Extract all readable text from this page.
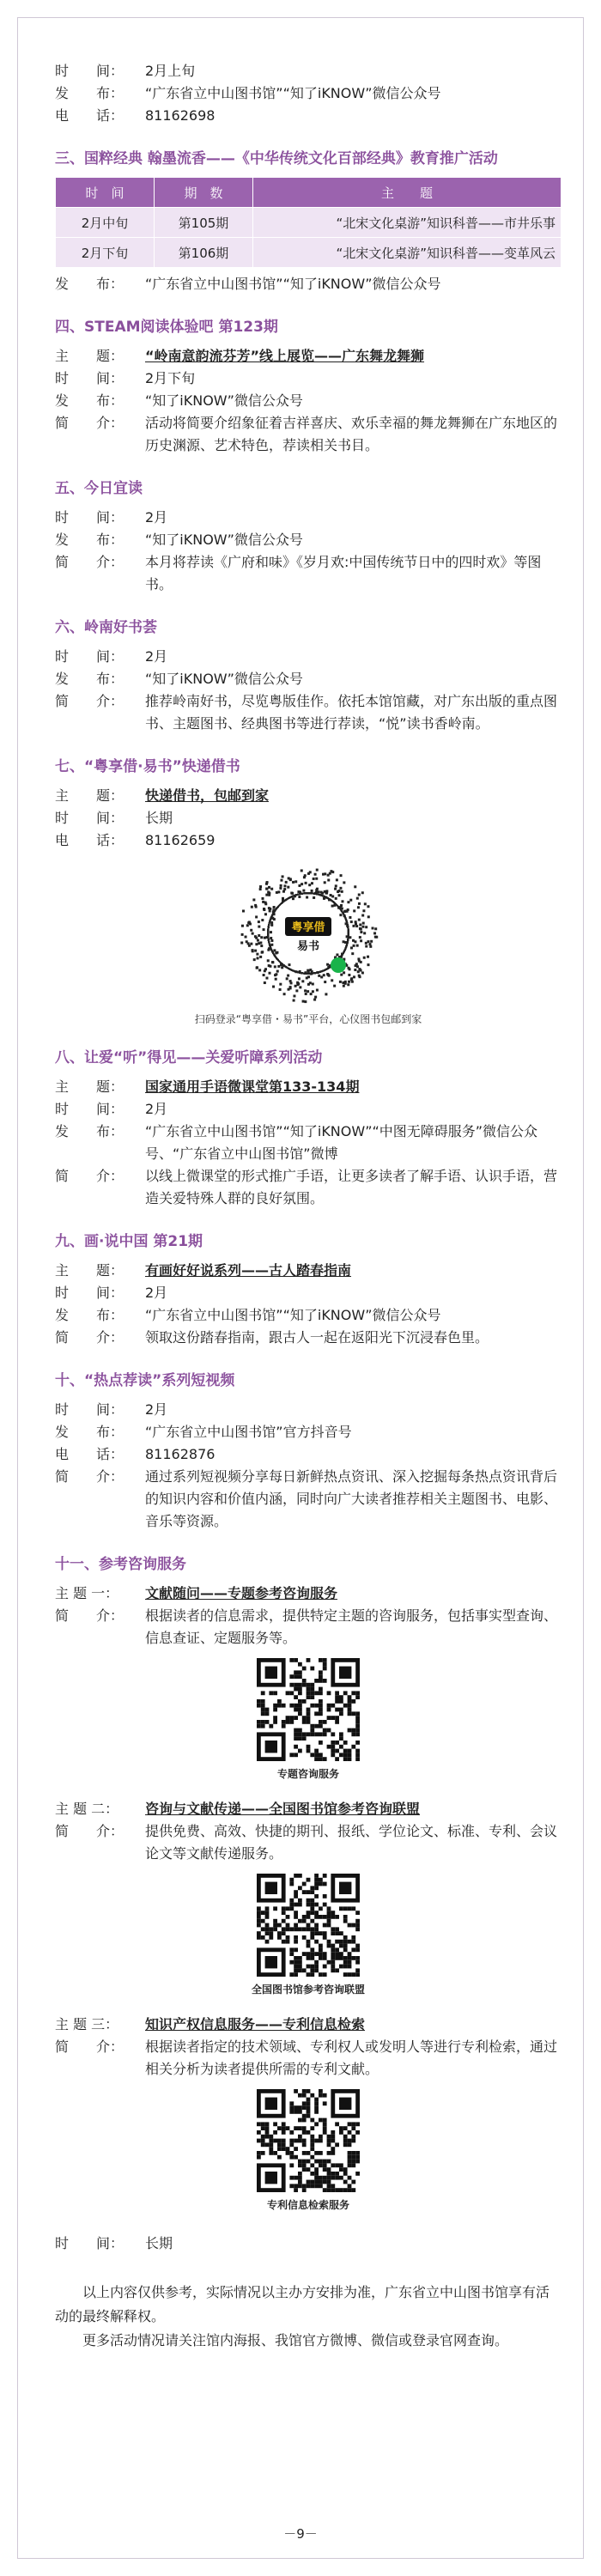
时　　间：	2月上旬
发　　布：	“广东省立中山图书馆”“知了iKNOW”微信公众号
电　　话：	81162698
三、国粹经典 翰墨流香——《中华传统文化百部经典》教育推广活动
时　间	期　数	主　　题
2月中旬	第105期	“北宋文化桌游”知识科普——市井乐事
2月下旬	第106期	“北宋文化桌游”知识科普——变革风云
发　　布：	“广东省立中山图书馆”“知了iKNOW”微信公众号
四、STEAM阅读体验吧 第123期
主　　题：	“岭南意韵流芬芳”线上展览——广东舞龙舞狮
时　　间：	2月下旬
发　　布：	“知了iKNOW”微信公众号
简　　介：	活动将简要介绍象征着吉祥喜庆、欢乐幸福的舞龙舞狮在广东地区的历史渊源、艺术特色，荐读相关书目。
五、今日宜读
时　　间：	2月
发　　布：	“知了iKNOW”微信公众号
简　　介：	本月将荐读《广府和味》《岁月欢:中国传统节日中的四时欢》等图书。
六、岭南好书荟
时　　间：	2月
发　　布：	“知了iKNOW”微信公众号
简　　介：	推荐岭南好书，尽览粤版佳作。依托本馆馆藏，对广东出版的重点图书、主题图书、经典图书等进行荐读，“悦”读书香岭南。
七、“粤享借·易书”快递借书
主　　题：	快递借书，包邮到家
时　　间：	长期
电　　话：	81162659
粤享借
易书
扫码登录“粤享借・易书”平台，心仪图书包邮到家
八、让爱“听”得见——关爱听障系列活动
主　　题：	国家通用手语微课堂第133-134期
时　　间：	2月
发　　布：	“广东省立中山图书馆”“知了iKNOW”“中图无障碍服务”微信公众号、“广东省立中山图书馆”微博
简　　介：	以线上微课堂的形式推广手语，让更多读者了解手语、认识手语，营造关爱特殊人群的良好氛围。
九、画·说中国 第21期
主　　题：	有画好好说系列——古人踏春指南
时　　间：	2月
发　　布：	“广东省立中山图书馆”“知了iKNOW”微信公众号
简　　介：	领取这份踏春指南，跟古人一起在返阳光下沉浸春色里。
十、“热点荐读”系列短视频
时　　间：	2月
发　　布：	“广东省立中山图书馆”官方抖音号
电　　话：	81162876
简　　介：	通过系列短视频分享每日新鲜热点资讯、深入挖掘每条热点资讯背后的知识内容和价值内涵，同时向广大读者推荐相关主题图书、电影、音乐等资源。
十一、参考咨询服务
主 题 一：	文献随问——专题参考咨询服务
简　　介：	根据读者的信息需求，提供特定主题的咨询服务，包括事实型查询、信息查证、定题服务等。
专题咨询服务
主 题 二：	咨询与文献传递——全国图书馆参考咨询联盟
简　　介：	提供免费、高效、快捷的期刊、报纸、学位论文、标准、专利、会议论文等文献传递服务。
全国图书馆参考咨询联盟
主 题 三：	知识产权信息服务——专利信息检索
简　　介：	根据读者指定的技术领域、专利权人或发明人等进行专利检索，通过相关分析为读者提供所需的专利文献。
专利信息检索服务
时　　间：	长期
以上内容仅供参考，实际情况以主办方安排为准，广东省立中山图书馆享有活动的最终解释权。
更多活动情况请关注馆内海报、我馆官方微博、微信或登录官网查询。
－9－
